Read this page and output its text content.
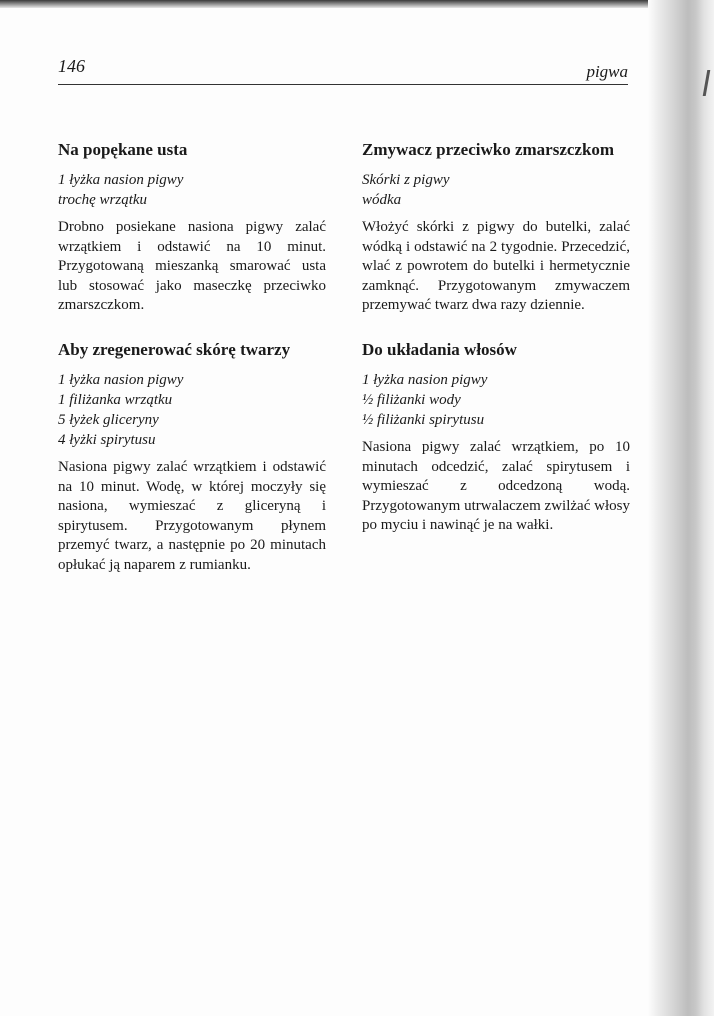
146	pigwa
Na popękane usta
1 łyżka nasion pigwy
trochę wrzątku

Drobno posiekane nasiona pigwy zalać wrzątkiem i odstawić na 10 minut. Przygotowaną mieszanką smarować usta lub stosować jako maseczkę przeciwko zmarszczkom.

Aby zregenerować skórę twarzy
1 łyżka nasion pigwy
1 filiżanka wrzątku
5 łyżek gliceryny
4 łyżki spirytusu

Nasiona pigwy zalać wrzątkiem i odstawić na 10 minut. Wodę, w której moczyły się nasiona, wymieszać z gliceryną i spirytusem. Przygotowanym płynem przemyć twarz, a następnie po 20 minutach opłukać ją naparem z rumianku.

Zmywacz przeciwko zmarszczkom
Skórki z pigwy
wódka

Włożyć skórki z pigwy do butelki, zalać wódką i odstawić na 2 tygodnie. Przecedzić, wlać z powrotem do butelki i hermetycznie zamknąć. Przygotowanym zmywaczem przemywać twarz dwa razy dziennie.

Do układania włosów
1 łyżka nasion pigwy
½ filiżanki wody
½ filiżanki spirytusu

Nasiona pigwy zalać wrzątkiem, po 10 minutach odcedzić, zalać spirytusem i wymieszać z odcedzoną wodą. Przygotowanym utrwalaczem zwilżać włosy po myciu i nawinąć je na wałki.
